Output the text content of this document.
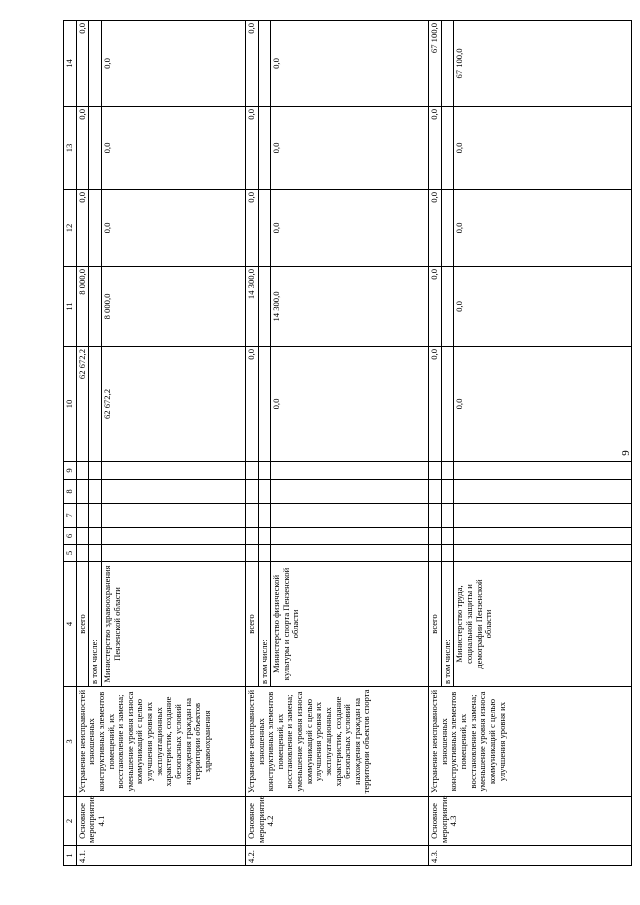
9
1	2	3	4	5	6	7	8	9	10	11	12	13	14
4.1.	Основное мероприятие 4.1	Устранение неисправностей изношенных конструктивных элементов помещений, их восстановление и замена; уменьшение уровня износа коммуникаций с целью улучшения уровня их эксплуатационных характеристик, создание безопасных условий нахождения граждан на территории объектов здравоохранения	всего						62 672,2	8 000,0	0,0	0,0	0,0
			в том числе:										
			Министерство здравоохранения Пензенской области						62 672,2	8 000,0	0,0	0,0	0,0
4.2.	Основное мероприятие 4.2	Устранение неисправностей изношенных конструктивных элементов помещений, их восстановление и замена; уменьшение уровня износа коммуникаций с целью улучшения уровня их эксплуатационных характеристик, создание безопасных условий нахождения граждан на территории объектов спорта	всего						0,0	14 300,0	0,0	0,0	0,0
			в том числе:										
			Министерство физической культуры и спорта Пензенской области						0,0	14 300,0	0,0	0,0	0,0
4.3.	Основное мероприятие 4.3	Устранение неисправностей изношенных конструктивных элементов помещений, их восстановление и замена; уменьшение уровня износа коммуникаций с целью улучшения уровня их	всего						0,0	0,0	0,0	0,0	67 100,0
			в том числе:										
			Министерство труда, социальной защиты и демографии Пензенской области						0,0	0,0	0,0	0,0	67 100,0
